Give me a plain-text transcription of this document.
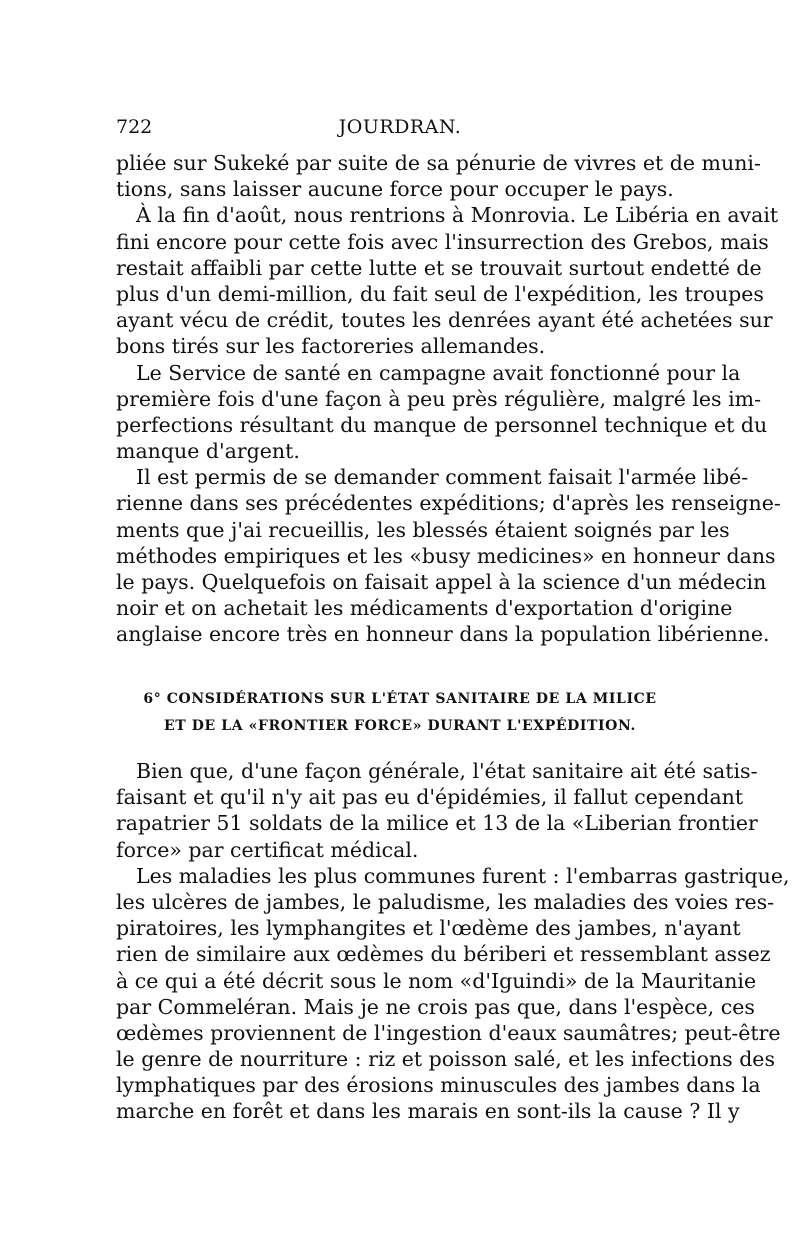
722	JOURDRAN.
pliée sur Sukeké par suite de sa pénurie de vivres et de muni-
tions, sans laisser aucune force pour occuper le pays.
À la fin d'août, nous rentrions à Monrovia. Le Libéria en avait
fini encore pour cette fois avec l'insurrection des Grebos, mais
restait affaibli par cette lutte et se trouvait surtout endetté de
plus d'un demi-million, du fait seul de l'expédition, les troupes
ayant vécu de crédit, toutes les denrées ayant été achetées sur
bons tirés sur les factoreries allemandes.
Le Service de santé en campagne avait fonctionné pour la
première fois d'une façon à peu près régulière, malgré les im-
perfections résultant du manque de personnel technique et du
manque d'argent.
Il est permis de se demander comment faisait l'armée libé-
rienne dans ses précédentes expéditions; d'après les renseigne-
ments que j'ai recueillis, les blessés étaient soignés par les
méthodes empiriques et les «busy medicines» en honneur dans
le pays. Quelquefois on faisait appel à la science d'un médecin
noir et on achetait les médicaments d'exportation d'origine
anglaise encore très en honneur dans la population libérienne.
6° CONSIDÉRATIONS SUR L'ÉTAT SANITAIRE DE LA MILICE
ET DE LA «FRONTIER FORCE» DURANT L'EXPÉDITION.
Bien que, d'une façon générale, l'état sanitaire ait été satis-
faisant et qu'il n'y ait pas eu d'épidémies, il fallut cependant
rapatrier 51 soldats de la milice et 13 de la «Liberian frontier
force» par certificat médical.
Les maladies les plus communes furent : l'embarras gastrique,
les ulcères de jambes, le paludisme, les maladies des voies res-
piratoires, les lymphangites et l'œdème des jambes, n'ayant
rien de similaire aux œdèmes du bériberi et ressemblant assez
à ce qui a été décrit sous le nom «d'Iguindi» de la Mauritanie
par Commeléran. Mais je ne crois pas que, dans l'espèce, ces
œdèmes proviennent de l'ingestion d'eaux saumâtres; peut-être
le genre de nourriture : riz et poisson salé, et les infections des
lymphatiques par des érosions minuscules des jambes dans la
marche en forêt et dans les marais en sont-ils la cause ? Il y
